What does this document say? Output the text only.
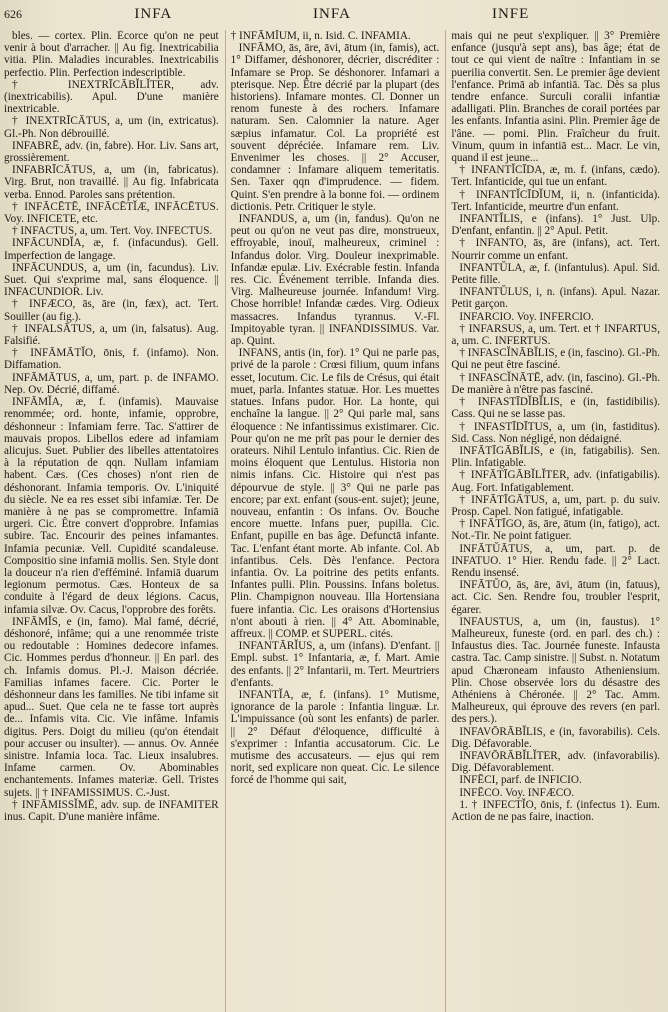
626	INFA	INFA	INFE

bles. — cortex. Plin. Écorce qu'on ne peut venir à bout d'arracher. || Au fig. Inextricabilia vitia. Plin. Maladies incurables. Inextricabilis perfectio. Plin. Perfection indescriptible.

† INEXTRĪCĀBĬLĬTER, adv. (inextricabilis). Apul. D'une manière inextricable.

† INEXTRĪCĀTUS, a, um (in, extricatus). Gl.-Ph. Non débrouillé.

INFABRĒ, adv. (in, fabre). Hor. Liv. Sans art, grossièrement.

INFABRĪCĀTUS, a, um (in, fabricatus). Virg. Brut, non travaillé. || Au fig. Infabricata verba. Ennod. Paroles sans prétention.

† INFĀCĒTĒ, INFĀCĒTĬÆ, INFĀCĒTUS. Voy. INFICETE, etc.

† INFACTUS, a, um. Tert. Voy. INFECTUS.

INFĀCUNDĬA, æ, f. (infacundus). Gell. Imperfection de langage.

INFĀCUNDUS, a, um (in, facundus). Liv. Suet. Qui s'exprime mal, sans éloquence. || INFACUNDIOR. Liv.

† INFÆCO, ās, āre (in, fæx), act. Tert. Souiller (au fig.).

† INFALSĀTUS, a, um (in, falsatus). Aug. Falsifié.

† INFĀMĀTĬO, ōnis, f. (infamo). Non. Diffamation.

INFĀMĀTUS, a, um, part. p. de INFAMO. Nep. Ov. Décrié, diffamé.

INFĀMĬA, æ, f. (infamis). Mauvaise renommée; ord. honte, infamie, opprobre, déshonneur : Infamiam ferre. Tac. S'attirer de mauvais propos. Libellos edere ad infamiam alicujus. Suet. Publier des libelles attentatoires à la réputation de qqn. Nullam infamiam habent. Cæs. (Ces choses) n'ont rien de déshonorant. Infamia temporis. Ov. L'iniquité du siècle. Ne ea res esset sibi infamiæ. Ter. De manière à ne pas se compromettre. Infamiā urgeri. Cic. Être convert d'opprobre. Infamias subire. Tac. Encourir des peines infamantes. Infamia pecuniæ. Vell. Cupidité scandaleuse. Compositio sine infamiā mollis. Sen. Style dont la douceur n'a rien d'efféminé. Infamiā duarum legionum permotus. Cæs. Honteux de sa conduite à l'égard de deux légions. Cacus, infamia silvæ. Ov. Cacus, l'opprobre des forêts.

INFĀMĬS, e (in, famo). Mal famé, décrié, déshonoré, infâme; qui a une renommée triste ou redoutable : Homines dedecore infames. Cic. Hommes perdus d'honneur. || En parl. des ch. Infamis domus. Pl.-J. Maison décriée. Familias infames facere. Cic. Porter le déshonneur dans les familles. Ne tibi infame sit apud... Suet. Que cela ne te fasse tort auprès de... Infamis vita. Cic. Vie infâme. Infamis digitus. Pers. Doigt du milieu (qu'on étendait pour accuser ou insulter). — annus. Ov. Année sinistre. Infamia loca. Tac. Lieux insalubres. Infame carmen. Ov. Abominables enchantements. Infames materiæ. Gell. Tristes sujets. || † INFAMISSIMUS. C.-Just.

† INFĀMISSĬMĒ, adv. sup. de INFAMITER inus. Capit. D'une manière infâme.

† INFĀMĬUM, ii, n. Isid. C. INFAMIA.

INFĀMO, ās, āre, āvi, ātum (in, famis), act. 1° Diffamer, déshonorer, décrier, discréditer : Infamare se Prop. Se déshonorer. Infamari a pterisque. Nep. Être décrié par la plupart (des historiens). Infamare montes. Cl. Donner un renom funeste à des rochers. Infamare naturam. Sen. Calomnier la nature. Ager sæpius infamatur. Col. La propriété est souvent dépréciée. Infamare rem. Liv. Envenimer les choses. || 2° Accuser, condamner : Infamare aliquem temeritatis. Sen. Taxer qqn d'imprudence. — fidem. Quint. S'en prendre à la bonne foi. — ordinem dictionis. Petr. Critiquer le style.

INFANDUS, a, um (in, fandus). Qu'on ne peut ou qu'on ne veut pas dire, monstrueux, effroyable, inouï, malheureux, criminel : Infandus dolor. Virg. Douleur inexprimable. Infandæ epulæ. Liv. Exécrable festin. Infanda res. Cic. Événement terrible. Infanda dies. Virg. Malheureuse journée. Infandum! Virg. Chose horrible! Infandæ cædes. Virg. Odieux massacres. Infandus tyrannus. V.-Fl. Impitoyable tyran. || INFANDISSIMUS. Var. ap. Quint.

INFANS, antis (in, for). 1° Qui ne parle pas, privé de la parole : Crœsi filium, quum infans esset, locutum. Cic. Le fils de Crésus, qui était muet, parla. Infantes statuæ. Hor. Les muettes statues. Infans pudor. Hor. La honte, qui enchaîne la langue. || 2° Qui parle mal, sans éloquence : Ne infantissimus existimarer. Cic. Pour qu'on ne me prît pas pour le dernier des orateurs. Nihil Lentulo infantius. Cic. Rien de moins éloquent que Lentulus. Historia non nimis infans. Cic. Histoire qui n'est pas dépourvue de style. || 3° Qui ne parle pas encore; par ext. enfant (sous-ent. sujet); jeune, nouveau, enfantin : Os infans. Ov. Bouche encore muette. Infans puer, pupilla. Cic. Enfant, pupille en bas âge. Defunctā infante. Tac. L'enfant étant morte. Ab infante. Col. Ab infantibus. Cels. Dès l'enfance. Pectora infantia. Ov. La poitrine des petits enfants. Infantes pulli. Plin. Poussins. Infans boletus. Plin. Champignon nouveau. Illa Hortensiana fuere infantia. Cic. Les oraisons d'Hortensius n'ont abouti à rien. || 4° Att. Abominable, affreux. || COMP. et SUPERL. cités.

INFANTĀRĬUS, a, um (infans). D'enfant. || Empl. subst. 1° Infantaria, æ, f. Mart. Amie des enfants. || 2° Infantarii, m. Tert. Meurtriers d'enfants.

INFANTĬA, æ, f. (infans). 1° Mutisme, ignorance de la parole : Infantia linguæ. Lr. L'impuissance (où sont les enfants) de parler. || 2° Défaut d'éloquence, difficulté à s'exprimer : Infantia accusatorum. Cic. Le mutisme des accusateurs. — ejus qui rem norit, sed explicare non queat. Cic. Le silence forcé de l'homme qui sait,

mais qui ne peut s'expliquer. || 3° Première enfance (jusqu'à sept ans), bas âge; état de tout ce qui vient de naître : Infantiam in se puerilia convertit. Sen. Le premier âge devient l'enfance. Primā ab infantiā. Tac. Dès sa plus tendre enfance. Surculi coralii infantiæ adalligati. Plin. Branches de corail portées par les enfants. Infantia asini. Plin. Premier âge de l'âne. — pomi. Plin. Fraîcheur du fruit. Vinum, quum in infantiā est... Macr. Le vin, quand il est jeune...

† INFANTĬCĪDA, æ, m. f. (infans, cædo). Tert. Infanticide, qui tue un enfant.

† INFANTĬCĪDĬUM, ii, n. (infanticida). Tert. Infanticide, meurtre d'un enfant.

INFANTĬLIS, e (infans). 1° Just. Ulp. D'enfant, enfantin. || 2° Apul. Petit.

† INFANTO, ās, āre (infans), act. Tert. Nourrir comme un enfant.

INFANTŬLA, æ, f. (infantulus). Apul. Sid. Petite fille.

INFANTŬLUS, i, n. (infans). Apul. Nazar. Petit garçon.

INFARCIO. Voy. INFERCIO.

† INFARSUS, a, um. Tert. et † INFARTUS, a, um. C. INFERTUS.

† INFASCĬNĀBĬLIS, e (in, fascino). Gl.-Ph. Qui ne peut être fasciné.

† INFASCĬNĀTĒ, adv. (in, fascino). Gl.-Ph. De manière à n'être pas fasciné.

† INFASTĪDĬBĬLIS, e (in, fastidibilis). Cass. Qui ne se lasse pas.

† INFASTĪDĪTUS, a, um (in, fastiditus). Sid. Cass. Non négligé, non dédaigné.

INFĀTĪGĀBĬLIS, e (in, fatigabilis). Sen. Plin. Infatigable.

† INFĀTĪGĀBĬLĬTER, adv. (infatigabilis). Aug. Fort. Infatigablement.

† INFĀTĪGĀTUS, a, um, part. p. du suiv. Prosp. Capel. Non fatigué, infatigable.

† INFĀTĪGO, ās, āre, ātum (in, fatigo), act. Not.-Tir. Ne point fatiguer.

INFĀTŬĀTUS, a, um, part. p. de INFATUO. 1° Hier. Rendu fade. || 2° Lact. Rendu insensé.

INFĀTŬO, ās, āre, āvi, ātum (in, fatuus), act. Cic. Sen. Rendre fou, troubler l'esprit, égarer.

INFAUSTUS, a, um (in, faustus). 1° Malheureux, funeste (ord. en parl. des ch.) : Infaustus dies. Tac. Journée funeste. Infausta castra. Tac. Camp sinistre. || Subst. n. Notatum apud Chæroneam infausto Atheniensium. Plin. Chose observée lors du désastre des Athéniens à Chéronée. || 2° Tac. Amm. Malheureux, qui éprouve des revers (en parl. des pers.).

INFAVŌRĀBĬLIS, e (in, favorabilis). Cels. Dig. Défavorable.

INFAVŌRĀBĬLĬTER, adv. (infavorabilis). Dig. Défavorablement.

INFĒCI, parf. de INFICIO.

INFĒCO. Voy. INFÆCO.

1. † INFECTĬO, ōnis, f. (infectus 1). Eum. Action de ne pas faire, inaction.
